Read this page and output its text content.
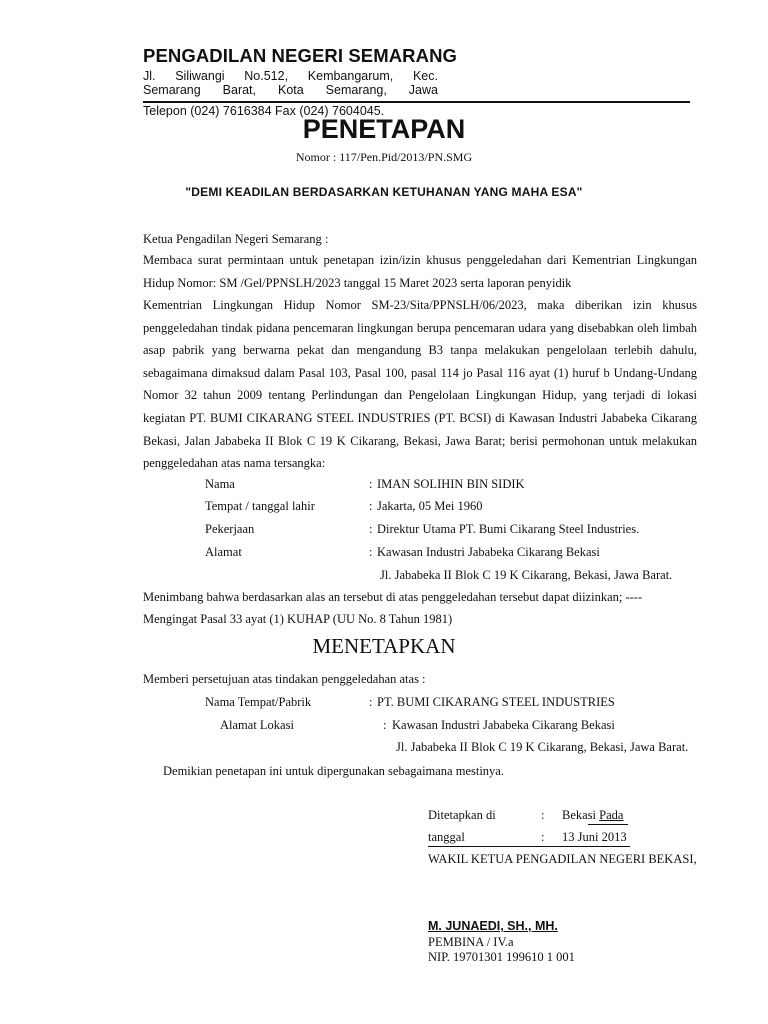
PENGADILAN NEGERI SEMARANG
Jl. Siliwangi No.512, Kembangarum, Kec.
Semarang Barat, Kota Semarang, Jawa
Telepon (024) 7616384 Fax (024) 7604045.
PENETAPAN
Nomor : 117/Pen.Pid/2013/PN.SMG
"DEMI KEADILAN BERDASARKAN KETUHANAN YANG MAHA ESA"
Ketua Pengadilan Negeri Semarang :
Membaca surat permintaan untuk penetapan izin/izin khusus penggeledahan dari Kementrian Lingkungan Hidup Nomor: SM /Gel/PPNSLH/2023 tanggal 15 Maret 2023 serta laporan penyidik
Kementrian Lingkungan Hidup Nomor SM-23/Sita/PPNSLH/06/2023, maka diberikan izin khusus penggeledahan tindak pidana pencemaran lingkungan berupa pencemaran udara yang disebabkan oleh limbah asap pabrik yang berwarna pekat dan mengandung B3 tanpa melakukan pengelolaan terlebih dahulu, sebagaimana dimaksud dalam Pasal 103, Pasal 100, pasal 114 jo Pasal 116 ayat (1) huruf b Undang-Undang Nomor 32 tahun 2009 tentang Perlindungan dan Pengelolaan Lingkungan Hidup, yang terjadi di lokasi kegiatan PT. BUMI CIKARANG STEEL INDUSTRIES (PT. BCSI) di Kawasan Industri Jababeka Cikarang Bekasi, Jalan Jababeka II Blok C 19 K Cikarang, Bekasi, Jawa Barat; berisi permohonan untuk melakukan penggeledahan atas nama tersangka:
Nama	: IMAN SOLIHIN BIN SIDIK
Tempat / tanggal lahir	: Jakarta, 05 Mei 1960
Pekerjaan	: Direktur Utama PT. Bumi Cikarang Steel Industries.
Alamat	: Kawasan Industri Jababeka Cikarang Bekasi
Jl. Jababeka II Blok C 19 K Cikarang, Bekasi, Jawa Barat.
Menimbang bahwa berdasarkan alas an tersebut di atas penggeledahan tersebut dapat diizinkan; ----
Mengingat Pasal 33 ayat (1) KUHAP (UU No. 8 Tahun 1981)
MENETAPKAN
Memberi persetujuan atas tindakan penggeledahan atas :
Nama Tempat/Pabrik	: PT. BUMI CIKARANG STEEL INDUSTRIES
Alamat Lokasi	: Kawasan Industri Jababeka Cikarang Bekasi
Jl. Jababeka II Blok C 19 K Cikarang, Bekasi, Jawa Barat.
Demikian penetapan ini untuk dipergunakan sebagaimana mestinya.
Ditetapkan di	: Bekasi Pada
tanggal	: 13 Juni 2013
WAKIL KETUA PENGADILAN NEGERI BEKASI,
M. JUNAEDI, SH., MH.
PEMBINA / IV.a
NIP. 19701301 199610 1 001
